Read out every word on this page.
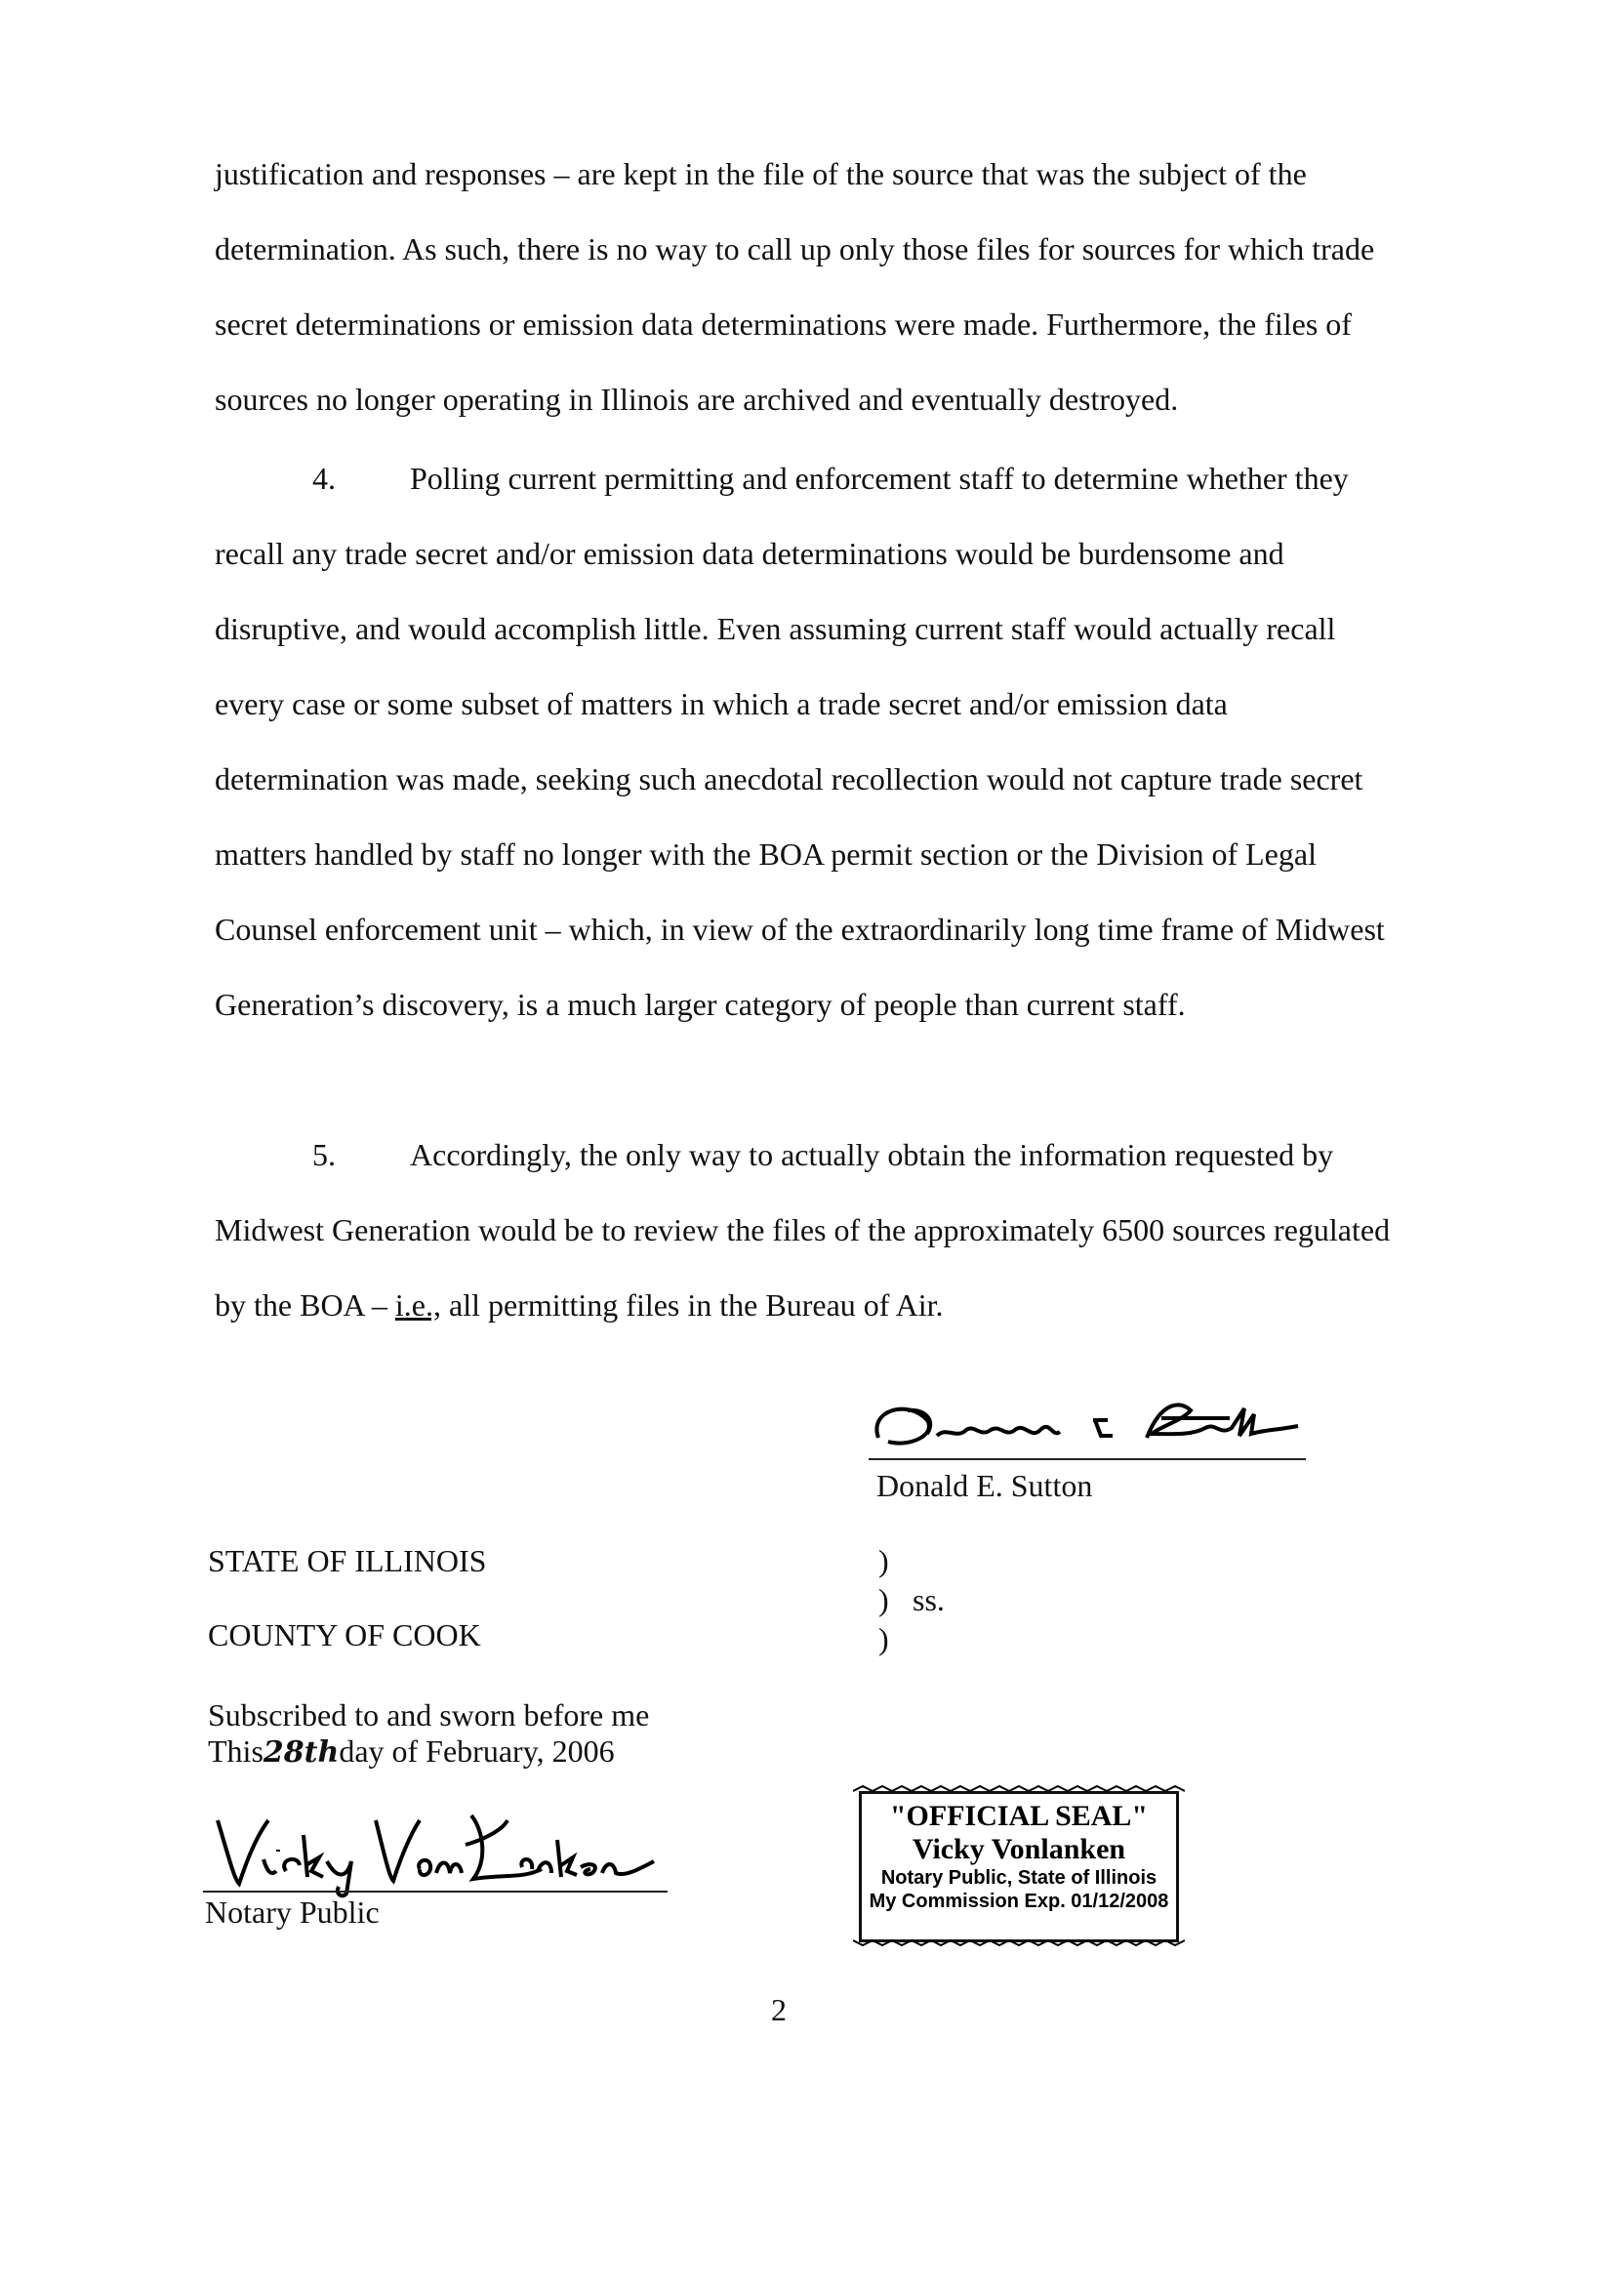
justification and responses – are kept in the file of the source that was the subject of the determination. As such, there is no way to call up only those files for sources for which trade secret determinations or emission data determinations were made. Furthermore, the files of sources no longer operating in Illinois are archived and eventually destroyed.

4. Polling current permitting and enforcement staff to determine whether they recall any trade secret and/or emission data determinations would be burdensome and disruptive, and would accomplish little. Even assuming current staff would actually recall every case or some subset of matters in which a trade secret and/or emission data determination was made, seeking such anecdotal recollection would not capture trade secret matters handled by staff no longer with the BOA permit section or the Division of Legal Counsel enforcement unit – which, in view of the extraordinarily long time frame of Midwest Generation’s discovery, is a much larger category of people than current staff.

5. Accordingly, the only way to actually obtain the information requested by Midwest Generation would be to review the files of the approximately 6500 sources regulated by the BOA – i.e., all permitting files in the Bureau of Air.

Donald E. Sutton
STATE OF ILLINOIS
COUNTY OF COOK
)
) ss.
)
Subscribed to and sworn before me
This28thday of February, 2006
Notary Public
"OFFICIAL SEAL"
Vicky Vonlanken
Notary Public, State of Illinois
My Commission Exp. 01/12/2008
2
